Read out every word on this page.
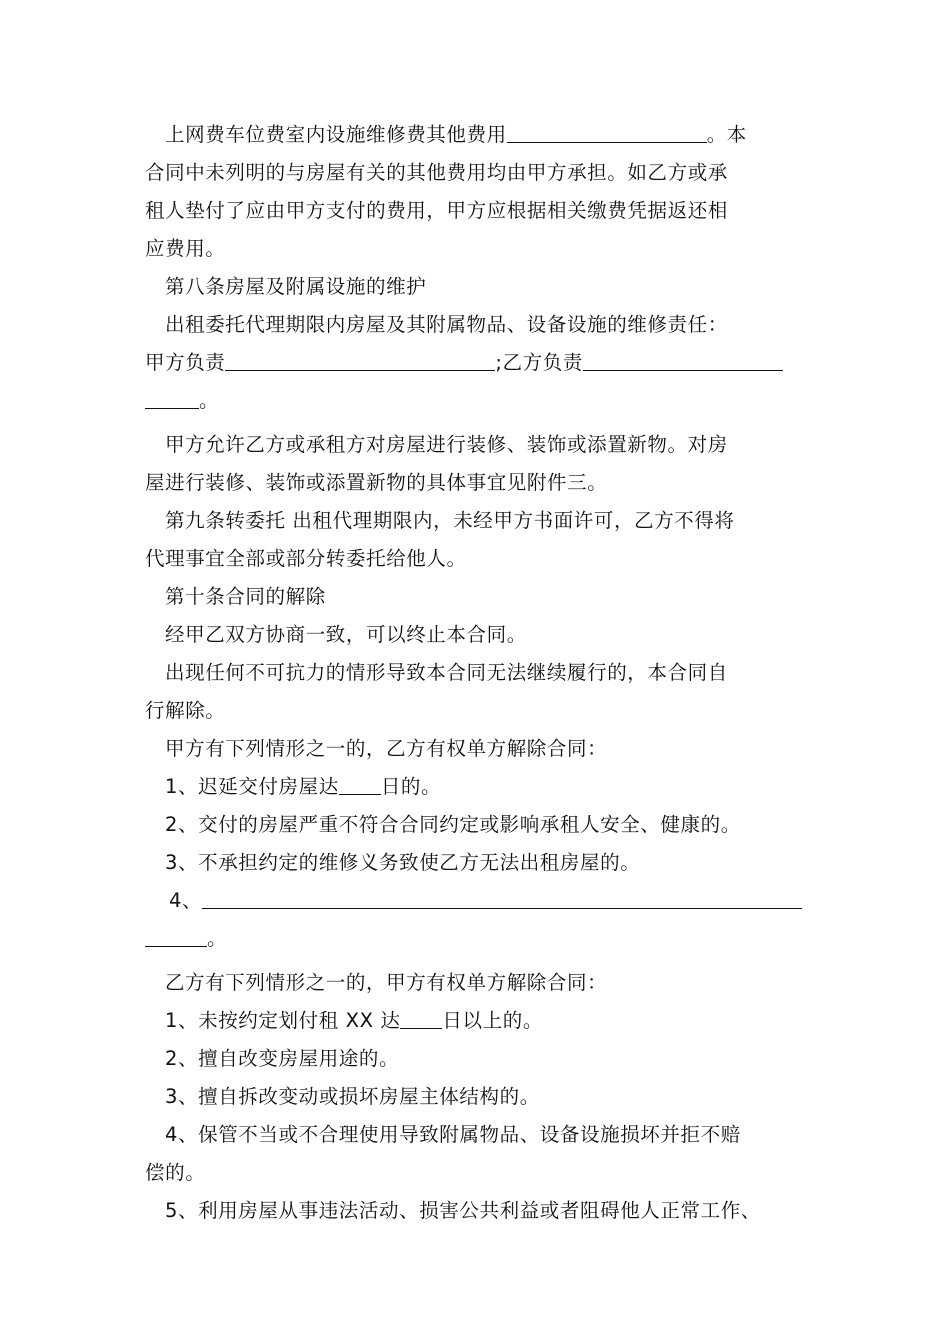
上网费车位费室内设施维修费其他费用	。本

合同中未列明的与房屋有关的其他费用均由甲方承担。如乙方或承

租人垫付了应由甲方支付的费用，甲方应根据相关缴费凭据返还相

应费用。

第八条房屋及附属设施的维护

出租委托代理期限内房屋及其附属物品、设备设施的维修责任：

甲方负责	;乙方负责

。

甲方允许乙方或承租方对房屋进行装修、装饰或添置新物。对房

屋进行装修、装饰或添置新物的具体事宜见附件三。

第九条转委托 出租代理期限内，未经甲方书面许可，乙方不得将

代理事宜全部或部分转委托给他人。

第十条合同的解除

经甲乙双方协商一致，可以终止本合同。

出现任何不可抗力的情形导致本合同无法继续履行的，本合同自

行解除。

甲方有下列情形之一的，乙方有权单方解除合同：

1、迟延交付房屋达 日的。

2、交付的房屋严重不符合合同约定或影响承租人安全、健康的。

3、不承担约定的维修义务致使乙方无法出租房屋的。

4、

。

乙方有下列情形之一的，甲方有权单方解除合同：

1、未按约定划付租 XX 达 日以上的。

2、擅自改变房屋用途的。

3、擅自拆改变动或损坏房屋主体结构的。

4、保管不当或不合理使用导致附属物品、设备设施损坏并拒不赔

偿的。

5、利用房屋从事违法活动、损害公共利益或者阻碍他人正常工作、
